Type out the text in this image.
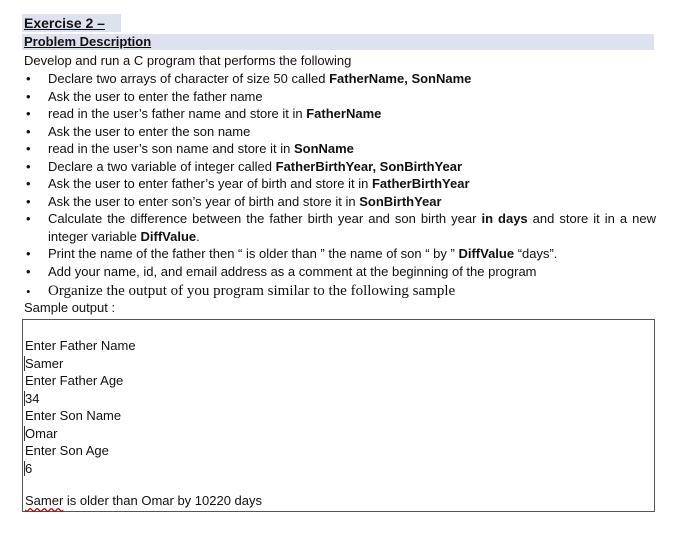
Exercise 2 –
Problem Description
Develop and run a C program that performs the following
• Declare two arrays of character of size 50 called FatherName, SonName
• Ask the user to enter the father name
• read in the user’s father name and store it in FatherName
• Ask the user to enter the son name
• read in the user’s son name and store it in SonName
• Declare a two variable of integer called FatherBirthYear, SonBirthYear
• Ask the user to enter father’s year of birth and store it in FatherBirthYear
• Ask the user to enter son’s year of birth and store it in SonBirthYear
• Calculate the difference between the father birth year and son birth year in days and store it in a new integer variable DiffValue.
• Print the name of the father then “ is older than ” the name of son “ by ” DiffValue “days”.
• Add your name, id, and email address as a comment at the beginning of the program
• Organize the output of you program similar to the following sample
Sample output :
Enter Father Name
Samer
Enter Father Age
34
Enter Son Name
Omar
Enter Son Age
6
Samer is older than Omar by 10220 days
